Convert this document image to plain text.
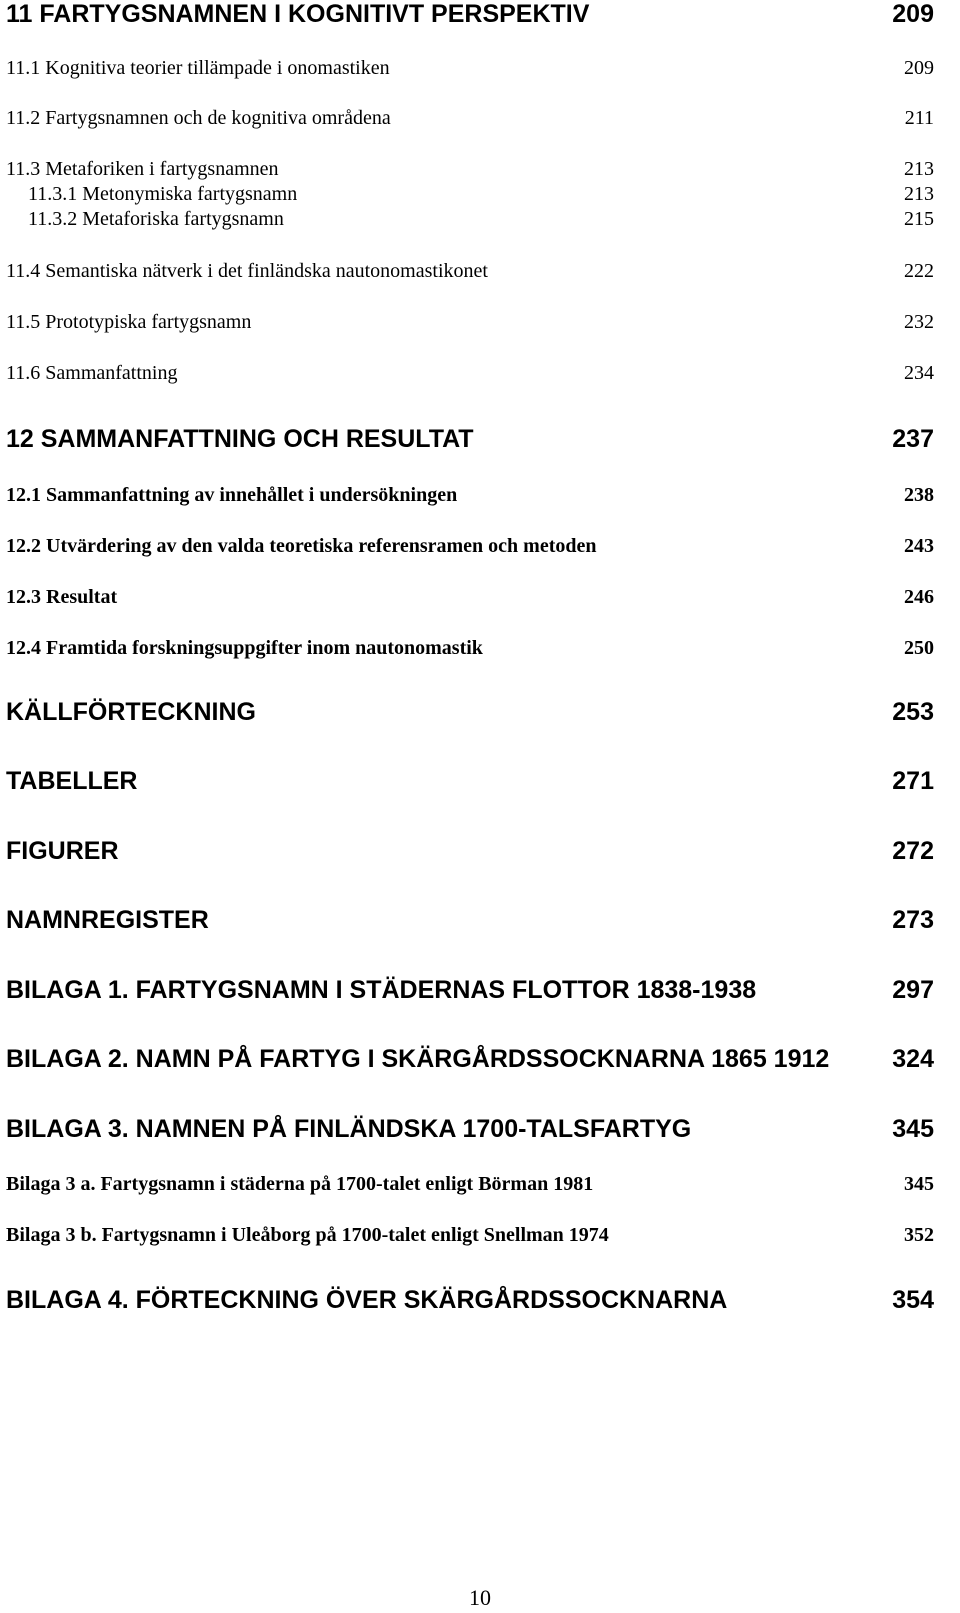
11 FARTYGSNAMNEN I KOGNITIVT PERSPEKTIV	209
11.1 Kognitiva teorier tillämpade i onomastiken	209
11.2 Fartygsnamnen och de kognitiva områdena	211
11.3 Metaforiken i fartygsnamnen	213
11.3.1 Metonymiska fartygsnamn	213
11.3.2 Metaforiska fartygsnamn	215
11.4 Semantiska nätverk i det finländska nautonomastikonet	222
11.5 Prototypiska fartygsnamn	232
11.6 Sammanfattning	234
12 SAMMANFATTNING OCH RESULTAT	237
12.1 Sammanfattning av innehållet i undersökningen	238
12.2 Utvärdering av den valda teoretiska referensramen och metoden	243
12.3 Resultat	246
12.4 Framtida forskningsuppgifter inom nautonomastik	250
KÄLLFÖRTECKNING	253
TABELLER	271
FIGURER	272
NAMNREGISTER	273
BILAGA 1. FARTYGSNAMN I STÄDERNAS FLOTTOR 1838-1938	297
BILAGA 2. NAMN PÅ FARTYG I SKÄRGÅRDSSOCKNARNA 1865 1912	324
BILAGA 3. NAMNEN PÅ FINLÄNDSKA 1700-TALSFARTYG	345
Bilaga 3 a. Fartygsnamn i städerna på 1700-talet enligt Börman 1981	345
Bilaga 3 b. Fartygsnamn i Uleåborg på 1700-talet enligt Snellman 1974	352
BILAGA 4. FÖRTECKNING ÖVER SKÄRGÅRDSSOCKNARNA	354
10
